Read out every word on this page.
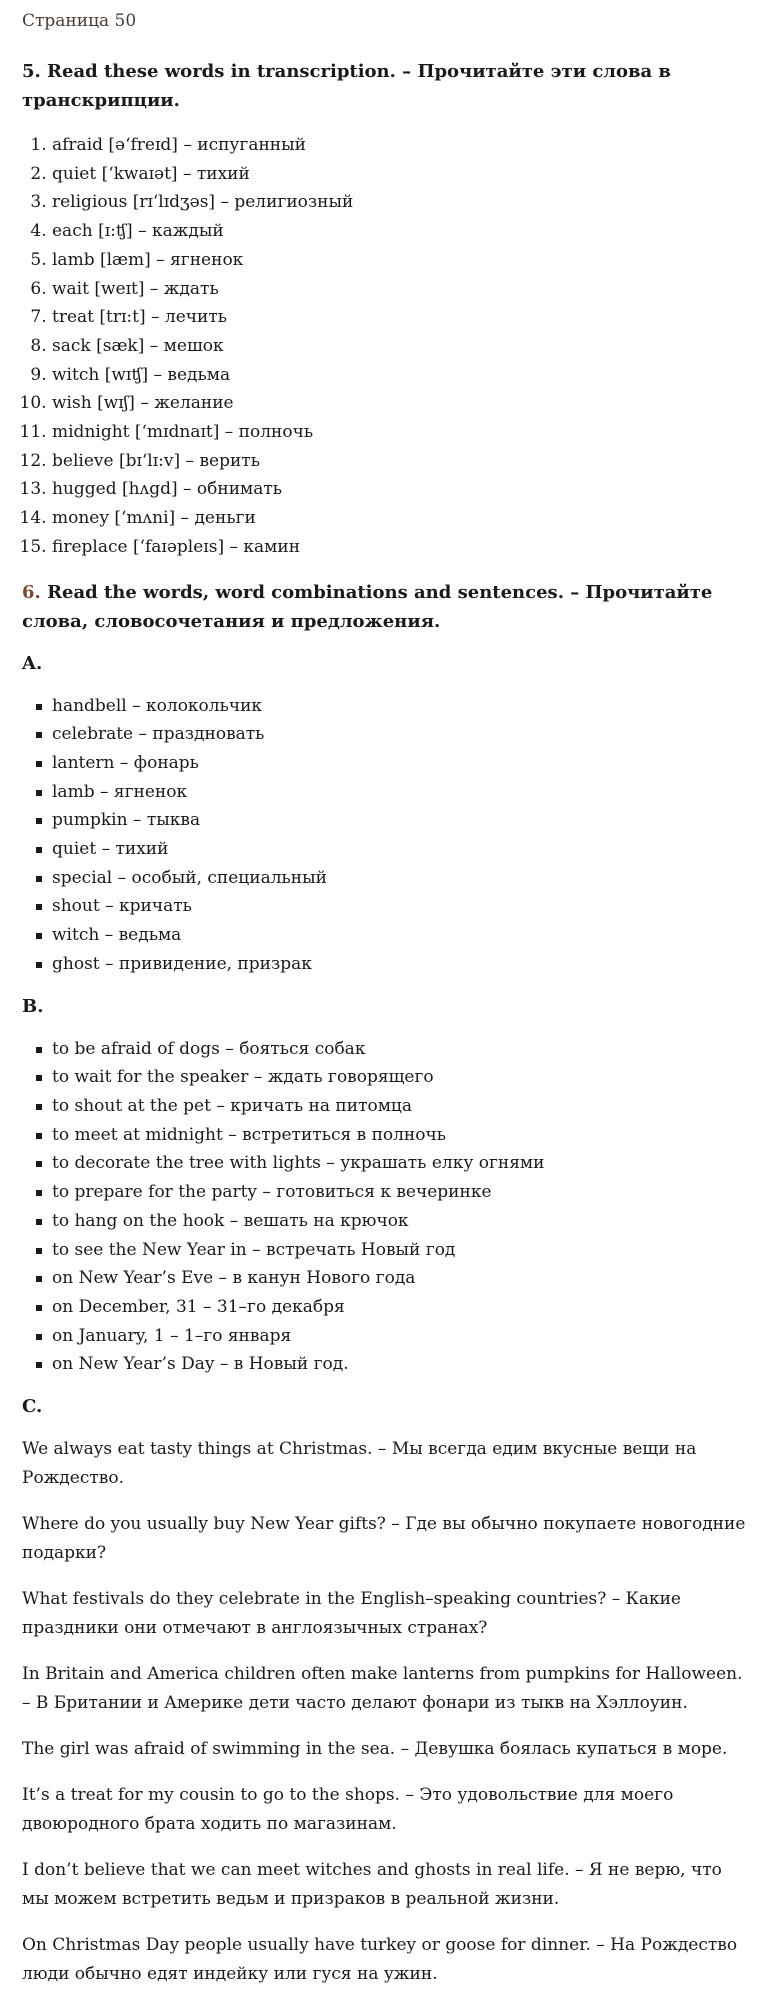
Страница 50
5. Read these words in transcription. – Прочитайте эти слова в транскрипции.
1. afraid [ə‘freɪd] – испуганный
2. quiet [‘kwaɪət] – тихий
3. religious [rɪ‘lɪdʒəs] – религиозный
4. each [ɪ:ʧ] – каждый
5. lamb [læm] – ягненок
6. wait [weɪt] – ждать
7. treat [trɪ:t] – лечить
8. sack [sæk] – мешок
9. witch [wɪʧ] – ведьма
10. wish [wɪʃ] – желание
11. midnight [‘mɪdnaɪt] – полночь
12. believe [bɪ‘lɪ:v] – верить
13. hugged [hʌgd] – обнимать
14. money [‘mʌni] – деньги
15. fireplace [‘faɪəpleɪs] – камин
6. Read the words, word combinations and sentences. – Прочитайте слова, словосочетания и предложения.
A.
handbell – колокольчик
celebrate – праздновать
lantern – фонарь
lamb – ягненок
pumpkin – тыква
quiet – тихий
special – особый, специальный
shout – кричать
witch – ведьма
ghost – привидение, призрак
B.
to be afraid of dogs – бояться собак
to wait for the speaker – ждать говорящего
to shout at the pet – кричать на питомца
to meet at midnight – встретиться в полночь
to decorate the tree with lights – украшать елку огнями
to prepare for the party – готовиться к вечеринке
to hang on the hook – вешать на крючок
to see the New Year in – встречать Новый год
on New Year’s Eve – в канун Нового года
on December, 31 – 31–го декабря
on January, 1 – 1–го января
on New Year’s Day – в Новый год.
C.

We always eat tasty things at Christmas. – Мы всегда едим вкусные вещи на Рождество.

Where do you usually buy New Year gifts? – Где вы обычно покупаете новогодние подарки?

What festivals do they celebrate in the English–speaking countries? – Какие праздники они отмечают в англоязычных странах?

In Britain and America children often make lanterns from pumpkins for Halloween. – В Британии и Америке дети часто делают фонари из тыкв на Хэллоуин.

The girl was afraid of swimming in the sea. – Девушка боялась купаться в море.

It’s a treat for my cousin to go to the shops. – Это удовольствие для моего двоюродного брата ходить по магазинам.

I don’t believe that we can meet witches and ghosts in real life. – Я не верю, что мы можем встретить ведьм и призраков в реальной жизни.

On Christmas Day people usually have turkey or goose for dinner. – На Рождество люди обычно едят индейку или гуся на ужин.
